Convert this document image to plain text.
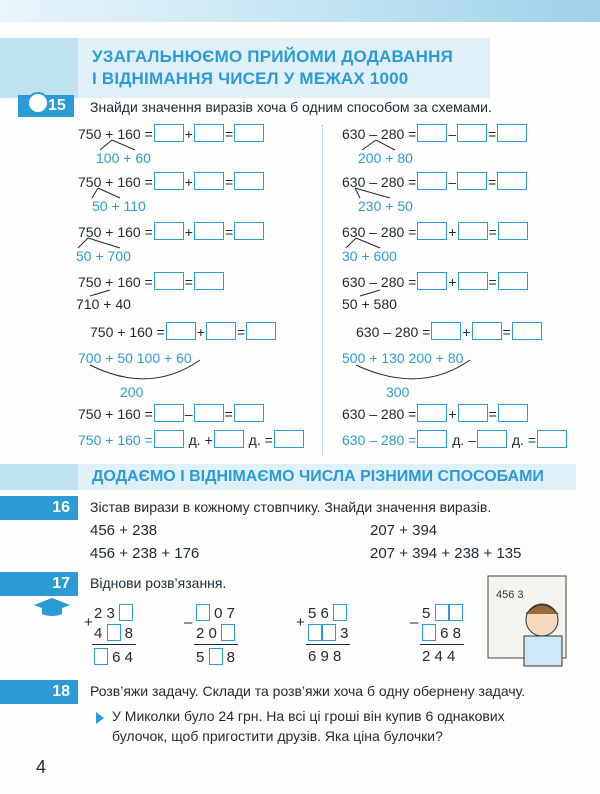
УЗАГАЛЬНЮЄМО ПРИЙОМИ ДОДАВАННЯ
І ВІДНІМАННЯ ЧИСЕЛ У МЕЖАХ 1000
15 Знайди значення виразів хоча б одним способом за схемами.
750 + 160 = + =
100 + 60
750 + 160 = + =
50 + 110
750 + 160 = + =
50 + 700
750 + 160 = =
710 + 40
750 + 160 = + =
700 + 50 100 + 60
200
750 + 160 = – =
750 + 160 = д. + д. =
630 – 280 = – =
200 + 80
630 – 280 = – =
230 + 50
630 – 280 = + =
30 + 600
630 – 280 = + =
50 + 580
630 – 280 = + =
500 + 130 200 + 80
300
630 – 280 = + =
630 – 280 = д. – д. =
ДОДАЄМО І ВІДНІМАЄМО ЧИСЛА РІЗНИМИ СПОСОБАМИ
16	Зістав вирази в кожному стовпчику. Знайди значення виразів.
456 + 238
456 + 238 + 176
207 + 394
207 + 394 + 238 + 135
17	Віднови розв’язання.
2 3
+
4  8
6 4
0 7
–
2 0
5  8
5 6
+
3
6 9 8
5
–
6 8
2 4 4
456 3
18	Розв’яжи задачу. Склади та розв’яжи хоча б одну обернену задачу.
У Миколки було 24 грн. На всі ці гроші він купив 6 однакових
булочок, щоб пригостити друзів. Яка ціна булочки?
4
